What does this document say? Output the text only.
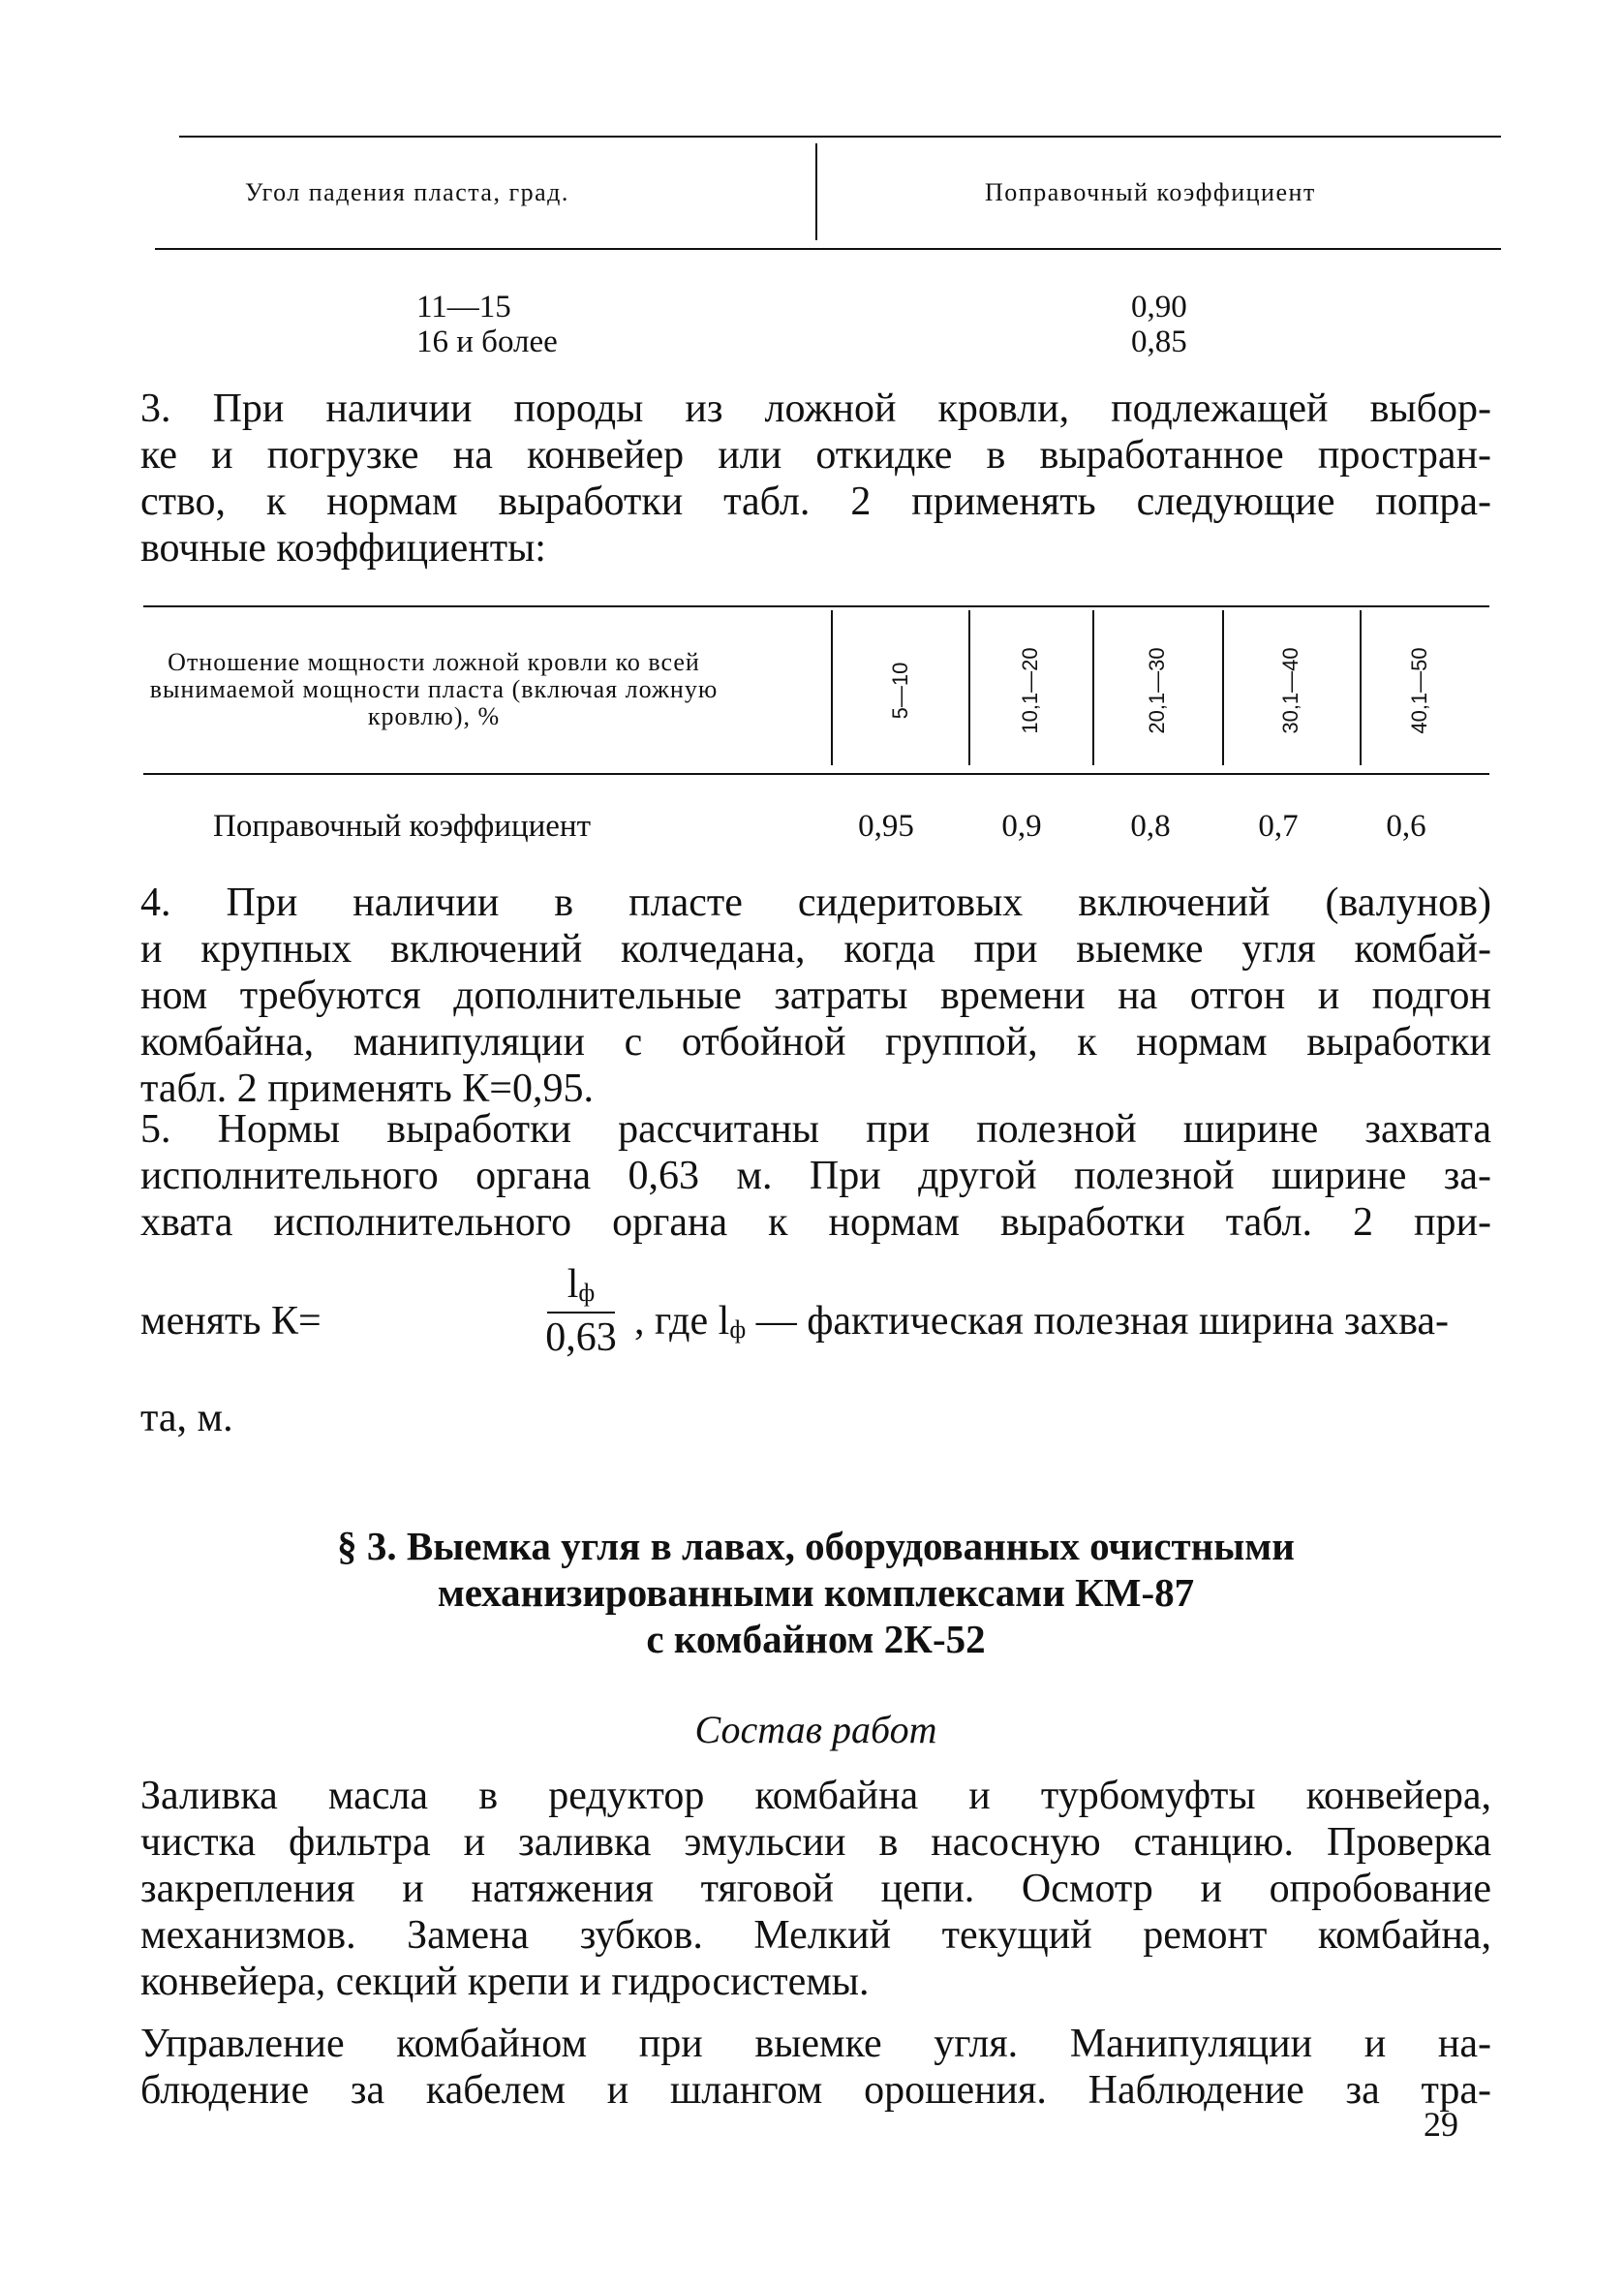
Угол падения пласта, град.	Поправочный коэффициент
11—15	0,90
16 и более	0,85
3. При наличии породы из ложной кровли, подлежащей выбор-
ке и погрузке на конвейер или откидке в выработанное простран-
ство, к нормам выработки табл. 2 применять следующие попра-
вочные коэффициенты:
Отношение мощности ложной кровли ко всей вынимаемой мощности пласта (включая ложную кровлю), %	5—10	10,1—20	20,1—30	30,1—40	40,1—50
Поправочный коэффициент	0,95	0,9	0,8	0,7	0,6
4. При наличии в пласте сидеритовых включений (валунов)
и крупных включений колчедана, когда при выемке угля комбай-
ном требуются дополнительные затраты времени на отгон и подгон
комбайна, манипуляции с отбойной группой, к нормам выработки
табл. 2 применять К=0,95.
5. Нормы выработки рассчитаны при полезной ширине захвата
исполнительного органа 0,63 м. При другой полезной ширине за-
хвата исполнительного органа к нормам выработки табл. 2 при-
менять К=
$l_ф$
0,63 , где $l_ф$ — фактическая полезная ширина захва-
та, м.
§ 3. Выемка угля в лавах, оборудованных очистными
механизированными комплексами КМ-87
с комбайном 2К-52
Состав работ
Заливка масла в редуктор комбайна и турбомуфты конвейера,
чистка фильтра и заливка эмульсии в насосную станцию. Проверка
закрепления и натяжения тяговой цепи. Осмотр и опробование
механизмов. Замена зубков. Мелкий текущий ремонт комбайна,
конвейера, секций крепи и гидросистемы.
Управление комбайном при выемке угля. Манипуляции и на-
блюдение за кабелем и шлангом орошения. Наблюдение за тра-
29
